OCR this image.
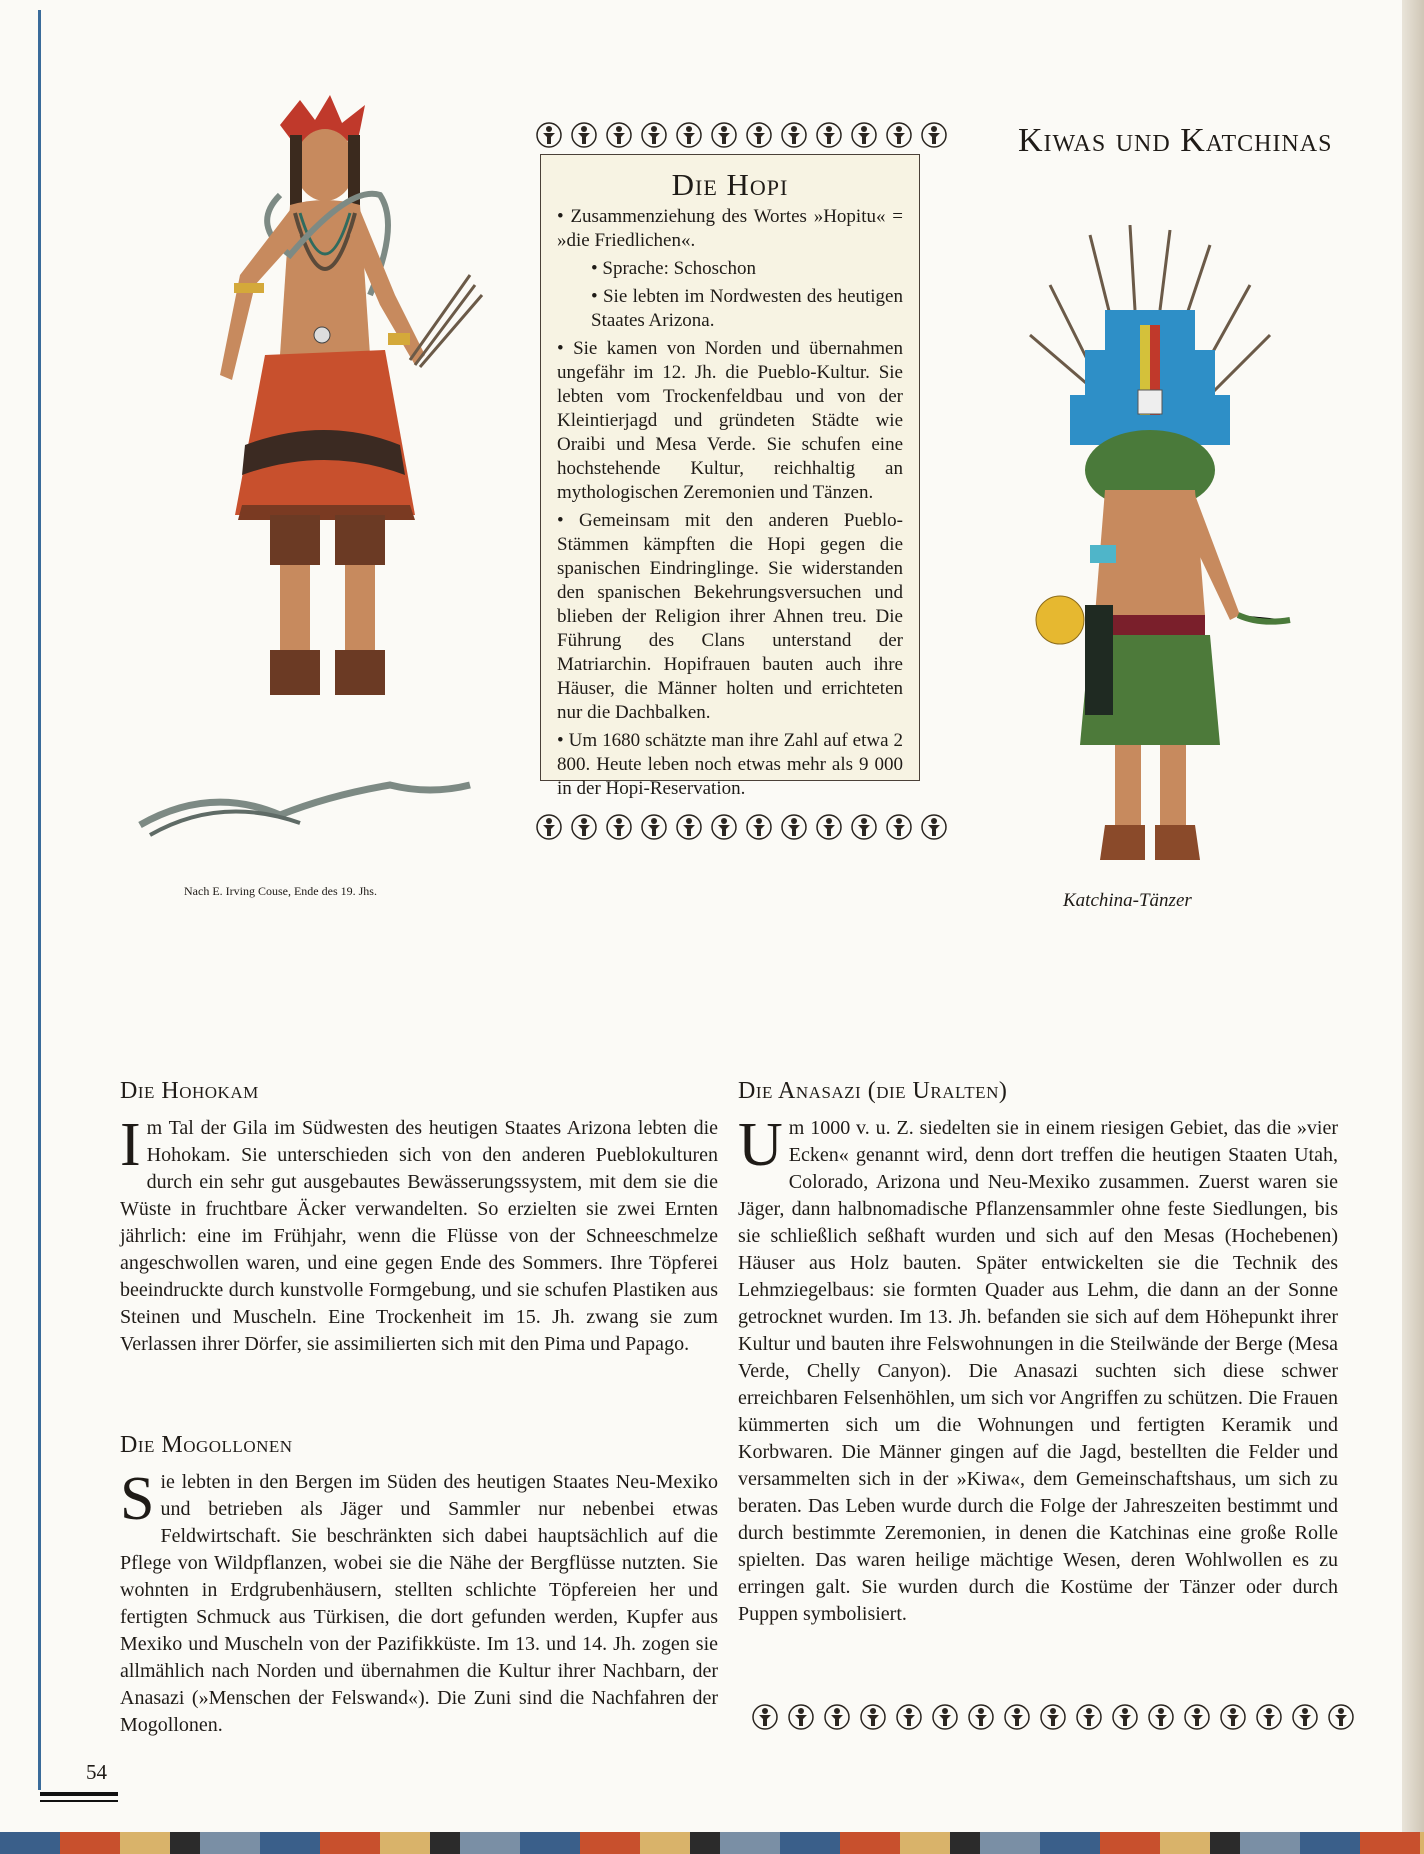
Kiwas und Katchinas
Die Hopi

• Zusammenziehung des Wortes »Hopitu« = »die Friedlichen«.

• Sprache: Schoschon

• Sie lebten im Nordwesten des heutigen Staates Arizona.

• Sie kamen von Norden und übernahmen ungefähr im 12. Jh. die Pueblo-Kultur. Sie lebten vom Trockenfeldbau und von der Kleintierjagd und gründeten Städte wie Oraibi und Mesa Verde. Sie schufen eine hochstehende Kultur, reichhaltig an mythologischen Zeremonien und Tänzen.

• Gemeinsam mit den anderen Pueblo-Stämmen kämpften die Hopi gegen die spanischen Eindringlinge. Sie widerstanden den spanischen Bekehrungsversuchen und blieben der Religion ihrer Ahnen treu. Die Führung des Clans unterstand der Matriarchin. Hopifrauen bauten auch ihre Häuser, die Männer holten und errichteten nur die Dachbalken.

• Um 1680 schätzte man ihre Zahl auf etwa 2 800. Heute leben noch etwas mehr als 9 000 in der Hopi-Reservation.

Nach E. Irving Couse, Ende des 19. Jhs.	Katchina-Tänzer
Die Hohokam
Im Tal der Gila im Südwesten des heutigen Staates Arizona lebten die Hohokam. Sie unterschieden sich von den anderen Pueblokulturen durch ein sehr gut ausgebautes Bewässerungssystem, mit dem sie die Wüste in fruchtbare Äcker verwandelten. So erzielten sie zwei Ernten jährlich: eine im Frühjahr, wenn die Flüsse von der Schneeschmelze angeschwollen waren, und eine gegen Ende des Sommers. Ihre Töpferei beeindruckte durch kunstvolle Formgebung, und sie schufen Plastiken aus Steinen und Muscheln. Eine Trockenheit im 15. Jh. zwang sie zum Verlassen ihrer Dörfer, sie assimilierten sich mit den Pima und Papago.
Die Mogollonen
Sie lebten in den Bergen im Süden des heutigen Staates Neu-Mexiko und betrieben als Jäger und Sammler nur nebenbei etwas Feldwirtschaft. Sie beschränkten sich dabei hauptsächlich auf die Pflege von Wildpflanzen, wobei sie die Nähe der Bergflüsse nutzten. Sie wohnten in Erdgrubenhäusern, stellten schlichte Töpfereien her und fertigten Schmuck aus Türkisen, die dort gefunden werden, Kupfer aus Mexiko und Muscheln von der Pazifikküste. Im 13. und 14. Jh. zogen sie allmählich nach Norden und übernahmen die Kultur ihrer Nachbarn, der Anasazi (»Menschen der Felswand«). Die Zuni sind die Nachfahren der Mogollonen.
Die Anasazi (die Uralten)
Um 1000 v. u. Z. siedelten sie in einem riesigen Gebiet, das die »vier Ecken« genannt wird, denn dort treffen die heutigen Staaten Utah, Colorado, Arizona und Neu-Mexiko zusammen. Zuerst waren sie Jäger, dann halbnomadische Pflanzensammler ohne feste Siedlungen, bis sie schließlich seßhaft wurden und sich auf den Mesas (Hochebenen) Häuser aus Holz bauten. Später entwickelten sie die Technik des Lehmziegelbaus: sie formten Quader aus Lehm, die dann an der Sonne getrocknet wurden. Im 13. Jh. befanden sie sich auf dem Höhepunkt ihrer Kultur und bauten ihre Felswohnungen in die Steilwände der Berge (Mesa Verde, Chelly Canyon). Die Anasazi suchten sich diese schwer erreichbaren Felsenhöhlen, um sich vor Angriffen zu schützen. Die Frauen kümmerten sich um die Wohnungen und fertigten Keramik und Korbwaren. Die Männer gingen auf die Jagd, bestellten die Felder und versammelten sich in der »Kiwa«, dem Gemeinschaftshaus, um sich zu beraten. Das Leben wurde durch die Folge der Jahreszeiten bestimmt und durch bestimmte Zeremonien, in denen die Katchinas eine große Rolle spielten. Das waren heilige mächtige Wesen, deren Wohlwollen es zu erringen galt. Sie wurden durch die Kostüme der Tänzer oder durch Puppen symbolisiert.
54
